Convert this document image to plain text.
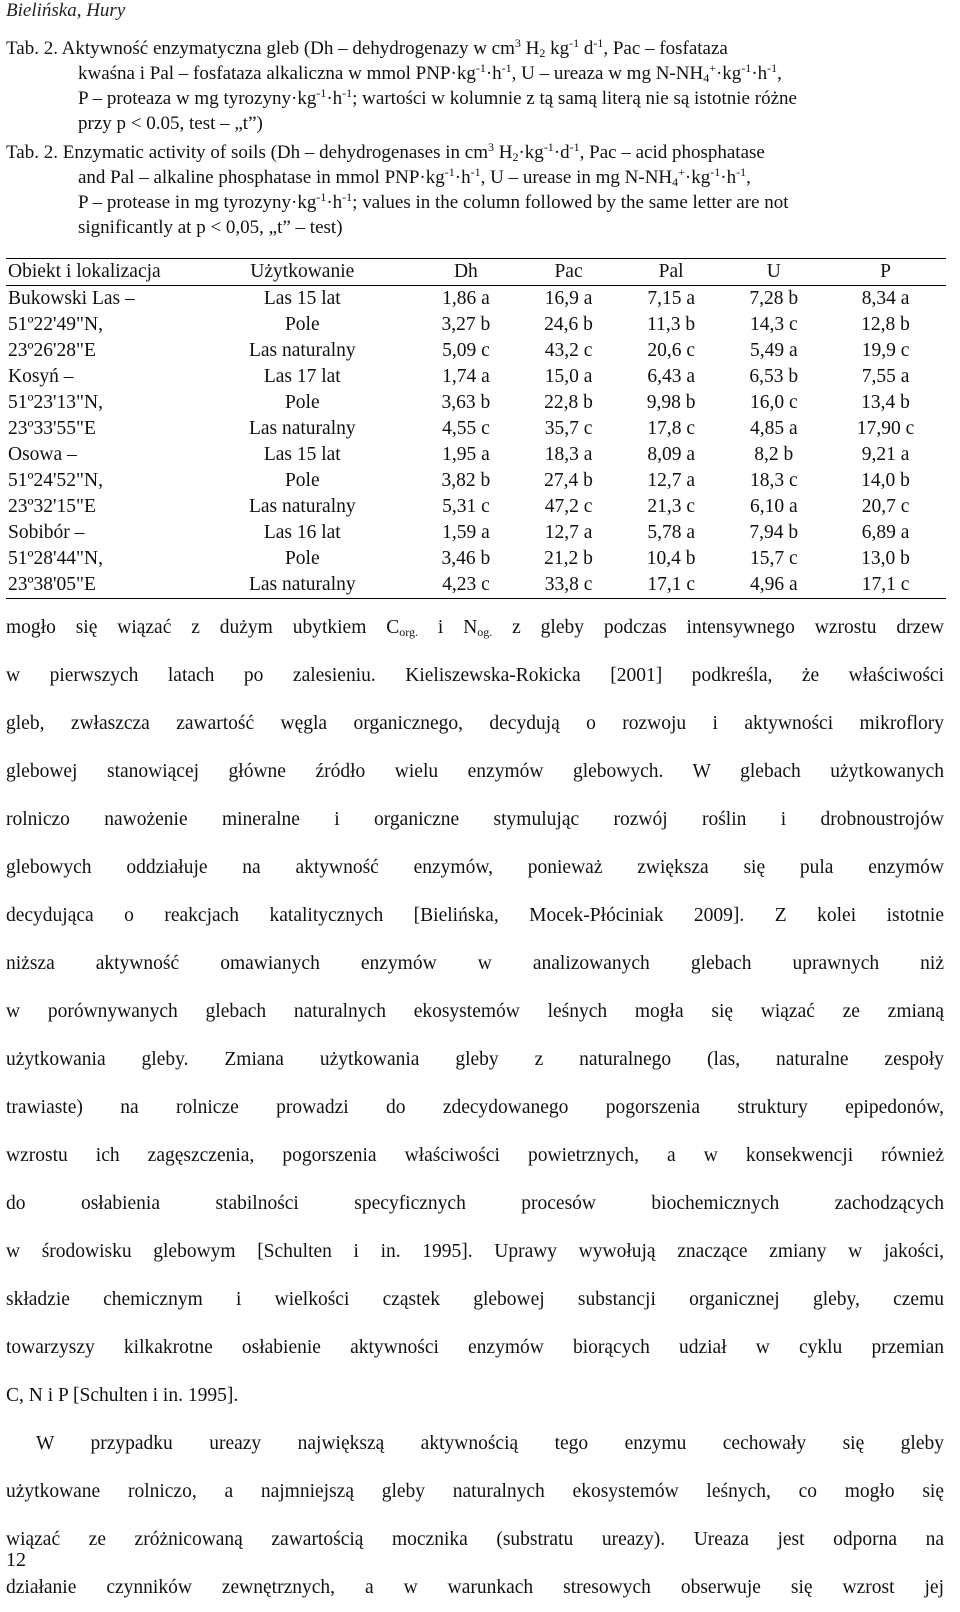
Bielińska, Hury
Tab. 2. Aktywność enzymatyczna gleb (Dh – dehydrogenazy w $cm^3$ $H_2$ $kg^{-1}$ $d^{-1}$, Pac – fosfatazа
kwaśna i Pal – fosfataza alkaliczna w mmol $PNP\cdot kg^{-1}\cdot h^{-1}$, U – ureaza w mg $N-NH_4^+\cdot kg^{-1}\cdot h^{-1}$,
P – proteaza w mg $tyrozyny\cdot kg^{-1}\cdot h^{-1}$; wartości w kolumnie z tą samą literą nie są istotnie różne
przy p < 0.05, test – „t”)
Tab. 2. Enzymatic activity of soils (Dh – dehydrogenases in $cm^3$ $H_2\cdot kg^{-1}\cdot d^{-1}$, Pac – acid phosphatase
and Pal – alkaline phosphatase in mmol $PNP\cdot kg^{-1}\cdot h^{-1}$, U – urease in mg $N-NH_4^+\cdot kg^{-1}\cdot h^{-1}$,
P – protease in mg $tyrozyny\cdot kg^{-1}\cdot h^{-1}$; values in the column followed by the same letter are not
significantly at p < 0,05, „t” – test)
Obiekt i lokalizacja	Użytkowanie	Dh	Pac	Pal	U	P
Bukowski Las –	Las 15 lat	1,86 a	16,9 a	7,15 a	7,28 b	8,34 a
51º22'49"N,	Pole	3,27 b	24,6 b	11,3 b	14,3 c	12,8 b
23º26'28"E	Las naturalny	5,09 c	43,2 c	20,6 c	5,49 a	19,9 c
Kosyń –	Las 17 lat	1,74 a	15,0 a	6,43 a	6,53 b	7,55 a
51º23'13"N,	Pole	3,63 b	22,8 b	9,98 b	16,0 c	13,4 b
23º33'55"E	Las naturalny	4,55 c	35,7 c	17,8 c	4,85 a	17,90 c
Osowa –	Las 15 lat	1,95 a	18,3 a	8,09 a	8,2 b	9,21 a
51º24'52"N,	Pole	3,82 b	27,4 b	12,7 a	18,3 c	14,0 b
23º32'15"E	Las naturalny	5,31 c	47,2 c	21,3 c	6,10 a	20,7 c
Sobibór –	Las 16 lat	1,59 a	12,7 a	5,78 a	7,94 b	6,89 a
51º28'44"N,	Pole	3,46 b	21,2 b	10,4 b	15,7 c	13,0 b
23º38'05"E	Las naturalny	4,23 c	33,8 c	17,1 c	4,96 a	17,1 c
mogło się wiązać z dużym ubytkiem $C_{org.}$ i $N_{og.}$ z gleby podczas intensywnego wzrostu drzew
w pierwszych latach po zalesieniu. Kieliszewska-Rokicka [2001] podkreśla, że właściwości
gleb, zwłaszcza zawartość węgla organicznego, decydują o rozwoju i aktywności mikroflory
glebowej stanowiącej główne źródło wielu enzymów glebowych. W glebach użytkowanych
rolniczo nawożenie mineralne i organiczne stymulując rozwój roślin i drobnoustrojów
glebowych oddziałuje na aktywność enzymów, ponieważ zwiększa się pula enzymów
decydująca o reakcjach katalitycznych [Bielińska, Mocek-Płóciniak 2009]. Z kolei istotnie
niższa aktywność omawianych enzymów w analizowanych glebach uprawnych niż
w porównywanych glebach naturalnych ekosystemów leśnych mogła się wiązać ze zmianą
użytkowania gleby. Zmiana użytkowania gleby z naturalnego (las, naturalne zespoły
trawiaste) na rolnicze prowadzi do zdecydowanego pogorszenia struktury epipedonów,
wzrostu ich zagęszczenia, pogorszenia właściwości powietrznych, a w konsekwencji również
do osłabienia stabilności specyficznych procesów biochemicznych zachodzących
w środowisku glebowym [Schulten i in. 1995]. Uprawy wywołują znaczące zmiany w jakości,
składzie chemicznym i wielkości cząstek glebowej substancji organicznej gleby, czemu
towarzyszy kilkakrotne osłabienie aktywności enzymów biorących udział w cyklu przemian
C, N i P [Schulten i in. 1995].
W przypadku ureazy największą aktywnością tego enzymu cechowały się gleby
użytkowane rolniczo, a najmniejszą gleby naturalnych ekosystemów leśnych, co mogło się
wiązać ze zróżnicowaną zawartością mocznika (substratu ureazy). Ureaza jest odporna na
działanie czynników zewnętrznych, a w warunkach stresowych obserwuje się wzrost jej
12
